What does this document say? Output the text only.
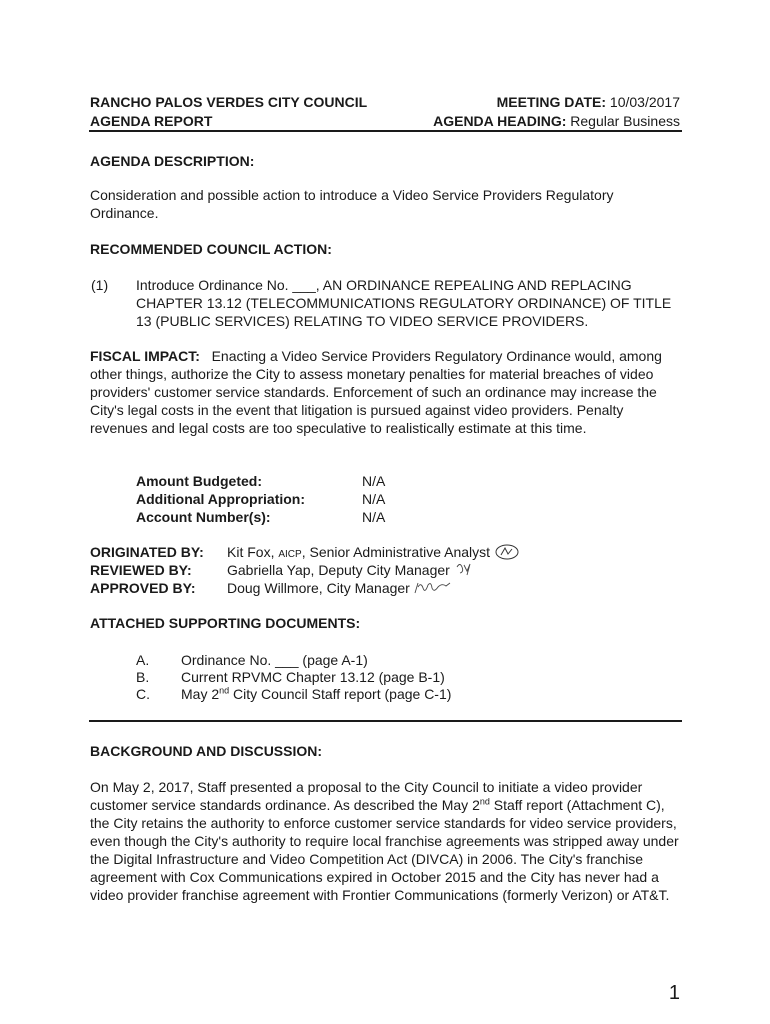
RANCHO PALOS VERDES CITY COUNCIL
AGENDA REPORT
MEETING DATE: 10/03/2017
AGENDA HEADING: Regular Business
AGENDA DESCRIPTION:
Consideration and possible action to introduce a Video Service Providers Regulatory Ordinance.
RECOMMENDED COUNCIL ACTION:
(1) Introduce Ordinance No. ___, AN ORDINANCE REPEALING AND REPLACING CHAPTER 13.12 (TELECOMMUNICATIONS REGULATORY ORDINANCE) OF TITLE 13 (PUBLIC SERVICES) RELATING TO VIDEO SERVICE PROVIDERS.
FISCAL IMPACT: Enacting a Video Service Providers Regulatory Ordinance would, among other things, authorize the City to assess monetary penalties for material breaches of video providers' customer service standards. Enforcement of such an ordinance may increase the City's legal costs in the event that litigation is pursued against video providers. Penalty revenues and legal costs are too speculative to realistically estimate at this time.
Amount Budgeted:	N/A
Additional Appropriation:	N/A
Account Number(s):	N/A
ORIGINATED BY: Kit Fox, AICP, Senior Administrative Analyst
REVIEWED BY:	Gabriella Yap, Deputy City Manager
APPROVED BY: Doug Willmore, City Manager
ATTACHED SUPPORTING DOCUMENTS:
A. Ordinance No. ___ (page A-1)
B. Current RPVMC Chapter 13.12 (page B-1)
C. May 2nd City Council Staff report (page C-1)
BACKGROUND AND DISCUSSION:
On May 2, 2017, Staff presented a proposal to the City Council to initiate a video provider customer service standards ordinance. As described the May 2nd Staff report (Attachment C), the City retains the authority to enforce customer service standards for video service providers, even though the City's authority to require local franchise agreements was stripped away under the Digital Infrastructure and Video Competition Act (DIVCA) in 2006. The City's franchise agreement with Cox Communications expired in October 2015 and the City has never had a video provider franchise agreement with Frontier Communications (formerly Verizon) or AT&T.
1
